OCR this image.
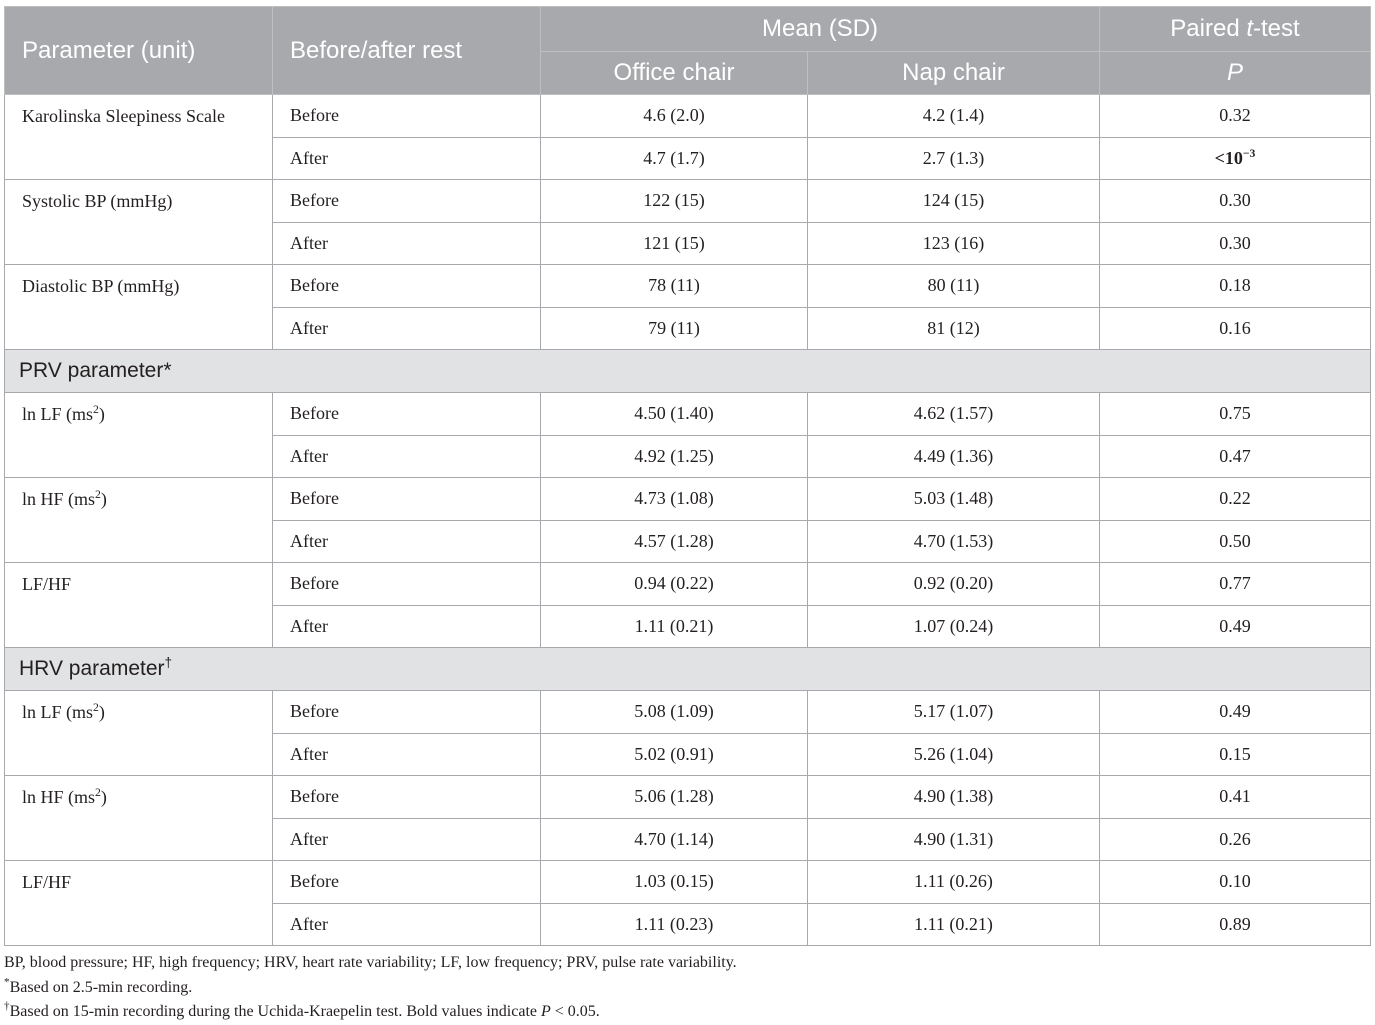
Parameter (unit)	Before/after rest	Mean (SD)		Paired t-test
		Office chair	Nap chair	P
Karolinska Sleepiness Scale	Before	4.6 (2.0)	4.2 (1.4)	0.32
	After	4.7 (1.7)	2.7 (1.3)	$<10^{-3}$
Systolic BP (mmHg)	Before	122 (15)	124 (15)	0.30
	After	121 (15)	123 (16)	0.30
Diastolic BP (mmHg)	Before	78 (11)	80 (11)	0.18
	After	79 (11)	81 (12)	0.16
PRV parameter*				
ln LF $(ms^2)$	Before	4.50 (1.40)	4.62 (1.57)	0.75
	After	4.92 (1.25)	4.49 (1.36)	0.47
ln HF $(ms^2)$	Before	4.73 (1.08)	5.03 (1.48)	0.22
	After	4.57 (1.28)	4.70 (1.53)	0.50
LF/HF	Before	0.94 (0.22)	0.92 (0.20)	0.77
	After	1.11 (0.21)	1.07 (0.24)	0.49
HRV parameter†
ln LF $(ms^2)$	Before	5.08 (1.09)	5.17 (1.07)	0.49
	After	5.02 (0.91)	5.26 (1.04)	0.15
ln HF $(ms^2)$	Before	5.06 (1.28)	4.90 (1.38)	0.41
	After	4.70 (1.14)	4.90 (1.31)	0.26
LF/HF	Before	1.03 (0.15)	1.11 (0.26)	0.10
	After	1.11 (0.23)	1.11 (0.21)	0.89
BP, blood pressure; HF, high frequency; HRV, heart rate variability; LF, low frequency; PRV, pulse rate variability.
*Based on 2.5-min recording.
†Based on 15-min recording during the Uchida-Kraepelin test. Bold values indicate P < 0.05.
